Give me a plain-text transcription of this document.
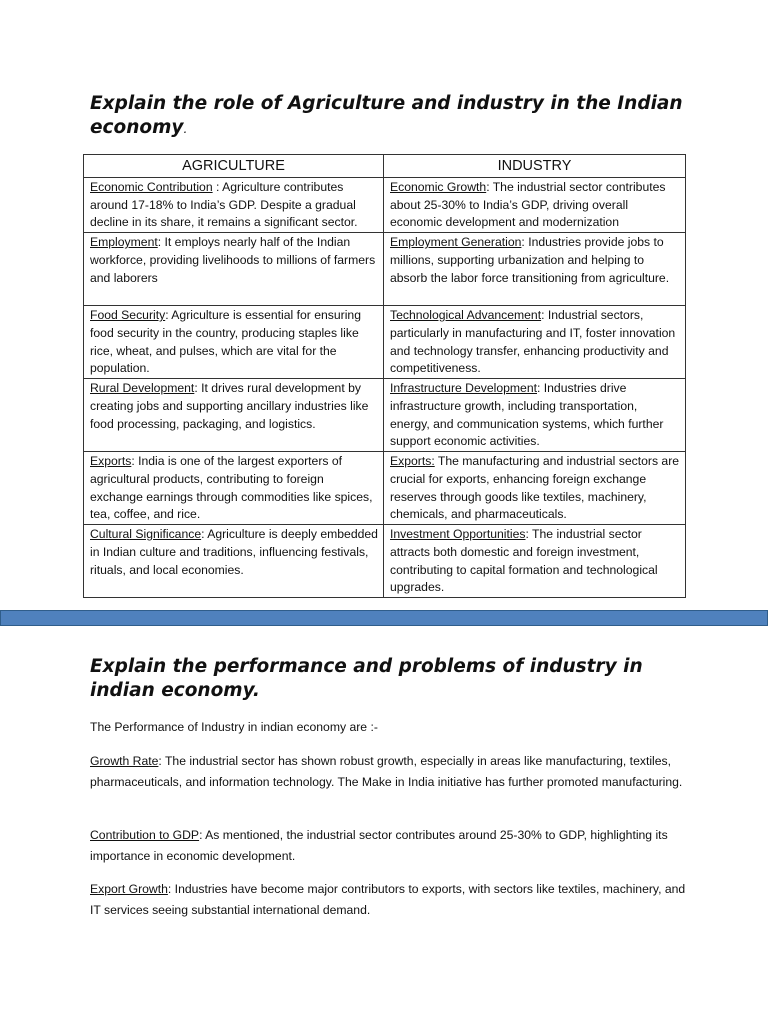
Explain the role of Agriculture and industry in the Indian economy.
AGRICULTURE	INDUSTRY
Economic Contribution : Agriculture contributes around 17-18% to India’s GDP. Despite a gradual decline in its share, it remains a significant sector.	Economic Growth: The industrial sector contributes about 25-30% to India’s GDP, driving overall economic development and modernization
Employment: It employs nearly half of the Indian workforce, providing livelihoods to millions of farmers and laborers	Employment Generation: Industries provide jobs to millions, supporting urbanization and helping to absorb the labor force transitioning from agriculture.
Food Security: Agriculture is essential for ensuring food security in the country, producing staples like rice, wheat, and pulses, which are vital for the population.	Technological Advancement: Industrial sectors, particularly in manufacturing and IT, foster innovation and technology transfer, enhancing productivity and competitiveness.
Rural Development: It drives rural development by creating jobs and supporting ancillary industries like food processing, packaging, and logistics.	Infrastructure Development: Industries drive infrastructure growth, including transportation, energy, and communication systems, which further support economic activities.
Exports: India is one of the largest exporters of agricultural products, contributing to foreign exchange earnings through commodities like spices, tea, coffee, and rice.	Exports: The manufacturing and industrial sectors are crucial for exports, enhancing foreign exchange reserves through goods like textiles, machinery, chemicals, and pharmaceuticals.
Cultural Significance: Agriculture is deeply embedded in Indian culture and traditions, influencing festivals, rituals, and local economies.	Investment Opportunities: The industrial sector attracts both domestic and foreign investment, contributing to capital formation and technological upgrades.
Explain the performance and problems of industry in indian economy.

The Performance of Industry in indian economy are :-

Growth Rate: The industrial sector has shown robust growth, especially in areas like manufacturing, textiles, pharmaceuticals, and information technology. The Make in India initiative has further promoted manufacturing.

Contribution to GDP: As mentioned, the industrial sector contributes around 25-30% to GDP, highlighting its importance in economic development.

Export Growth: Industries have become major contributors to exports, with sectors like textiles, machinery, and IT services seeing substantial international demand.
